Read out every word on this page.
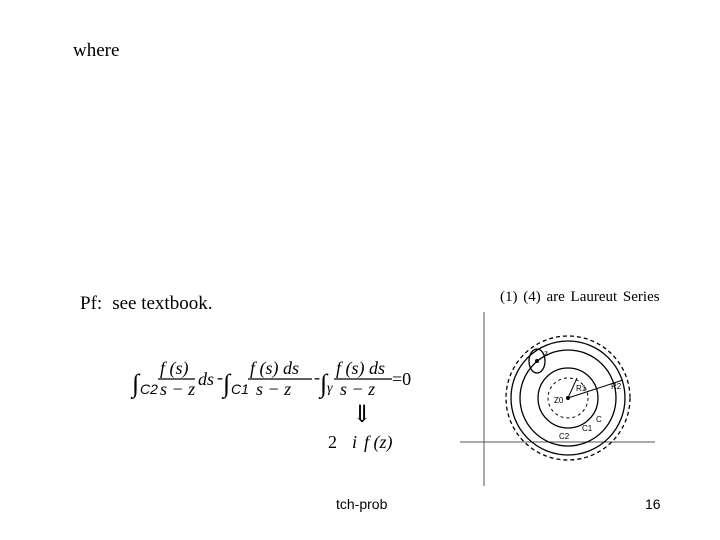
where
Pf: see textbook.	(1) (4) are Laureut Series
∫ C2
f (s)
s − z ds - ∫ C1
f (s) ds
s − z
- ∫ γ
f (s) ds
s − z =0
⇓
2 i f (z)
z
Z0
R1	R2
C
C1
C2
tch-prob	16
